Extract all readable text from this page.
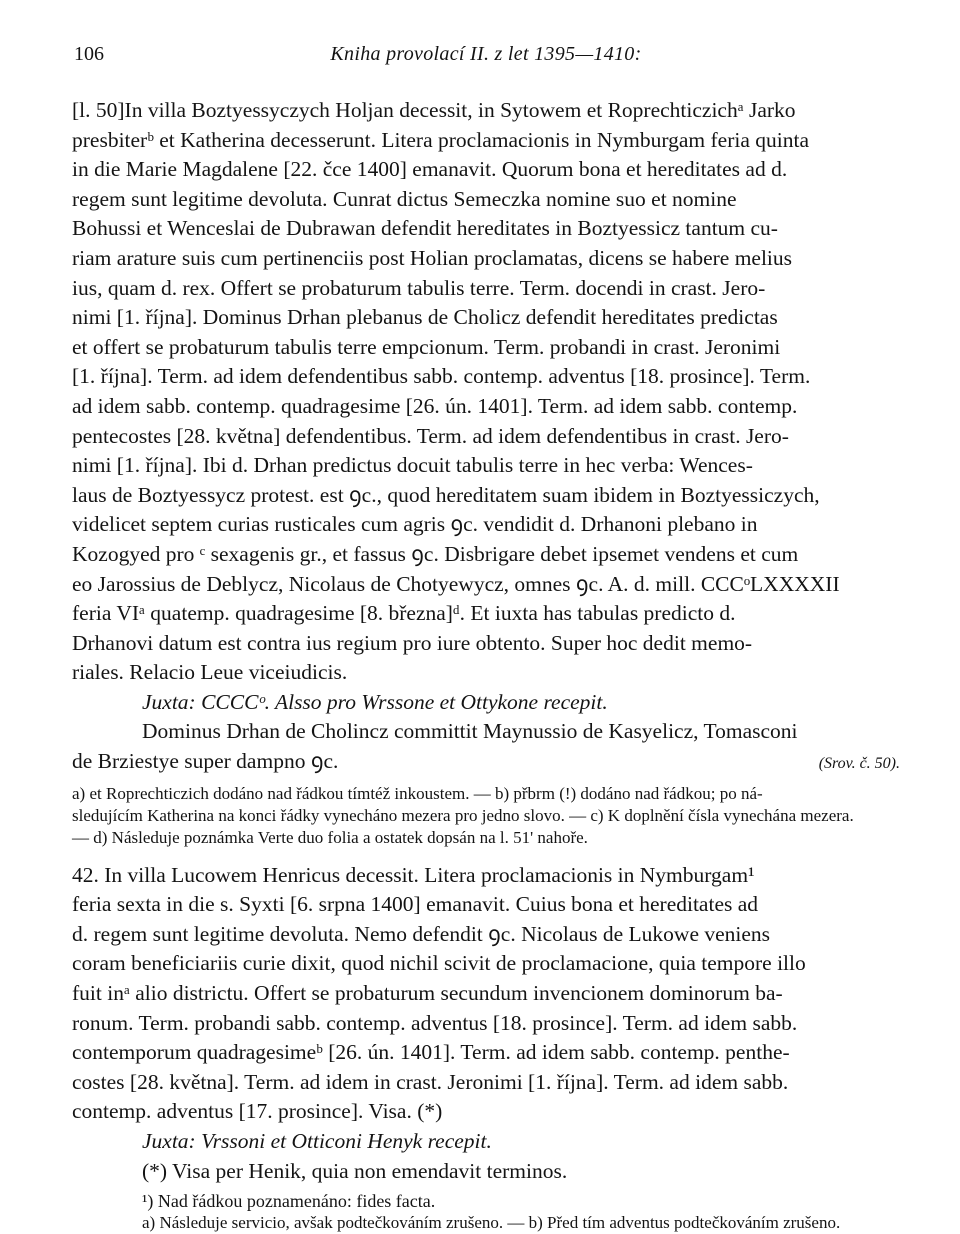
106	Kniha provolací II. z let 1395—1410:

[l. 50]In villa Boztyessyczych Holjan decessit, in Sytowem et Roprechticzichᵃ Jarko

presbiterᵇ et Katherina decesserunt. Litera proclamacionis in Nymburgam feria quinta

in die Marie Magdalene [22. čce 1400] emanavit. Quorum bona et hereditates ad d.

regem sunt legitime devoluta. Cunrat dictus Semeczka nomine suo et nomine

Bohussi et Wenceslai de Dubrawan defendit hereditates in Boztyessicz tantum cu-

riam arature suis cum pertinenciis post Holian proclamatas, dicens se habere melius

ius, quam d. rex. Offert se probaturum tabulis terre. Term. docendi in crast. Jero-

nimi [1. října]. Dominus Drhan plebanus de Cholicz defendit hereditates predictas

et offert se probaturum tabulis terre empcionum. Term. probandi in crast. Jeronimi

[1. října]. Term. ad idem defendentibus sabb. contemp. adventus [18. prosince]. Term.

ad idem sabb. contemp. quadragesime [26. ún. 1401]. Term. ad idem sabb. contemp.

pentecostes [28. května] defendentibus. Term. ad idem defendentibus in crast. Jero-

nimi [1. října]. Ibi d. Drhan predictus docuit tabulis terre in hec verba: Wences-

laus de Boztyessycz protest. est ꝯc., quod hereditatem suam ibidem in Boztyessiczych,

videlicet septem curias rusticales cum agris ꝯc. vendidit d. Drhanoni plebano in

Kozogyed pro ᶜ sexagenis gr., et fassus ꝯc. Disbrigare debet ipsemet vendens et cum

eo Jarossius de Deblycz, Nicolaus de Chotyewycz, omnes ꝯc. A. d. mill. CCCᵒLXXXXII

feria VIᵃ quatemp. quadragesime [8. března]ᵈ. Et iuxta has tabulas predicto d.

Drhanovi datum est contra ius regium pro iure obtento. Super hoc dedit memo-

riales. Relacio Leue viceiudicis.

Juxta: CCCCᵒ. Alsso pro Wrssone et Ottykone recepit.

Dominus Drhan de Cholincz committit Maynussio de Kasyelicz, Tomasconi

de Brziestye super dampno ꝯc.	(Srov. č. 50).

a) et Roprechticzich dodáno nad řádkou tímtéž inkoustem. — b) přbrm (!) dodáno nad řádkou; po ná-

sledujícím Katherina na konci řádky vynecháno mezera pro jedno slovo. — c) K doplnění čísla vynechána mezera.

— d) Následuje poznámka Verte duo folia a ostatek dopsán na l. 51' nahoře.

42. In villa Lucowem Henricus decessit. Litera proclamacionis in Nymburgam¹

feria sexta in die s. Syxti [6. srpna 1400] emanavit. Cuius bona et hereditates ad

d. regem sunt legitime devoluta. Nemo defendit ꝯc. Nicolaus de Lukowe veniens

coram beneficiariis curie dixit, quod nichil scivit de proclamacione, quia tempore illo

fuit inᵃ alio districtu. Offert se probaturum secundum invencionem dominorum ba-

ronum. Term. probandi sabb. contemp. adventus [18. prosince]. Term. ad idem sabb.

contemporum quadragesimeᵇ [26. ún. 1401]. Term. ad idem sabb. contemp. penthe-

costes [28. května]. Term. ad idem in crast. Jeronimi [1. října]. Term. ad idem sabb.

contemp. adventus [17. prosince]. Visa. (*)

Juxta: Vrssoni et Otticoni Henyk recepit.

(*) Visa per Henik, quia non emendavit terminos.

¹) Nad řádkou poznamenáno: fides facta.

a) Následuje servicio, avšak podtečkováním zrušeno. — b) Před tím adventus podtečkováním zrušeno.
